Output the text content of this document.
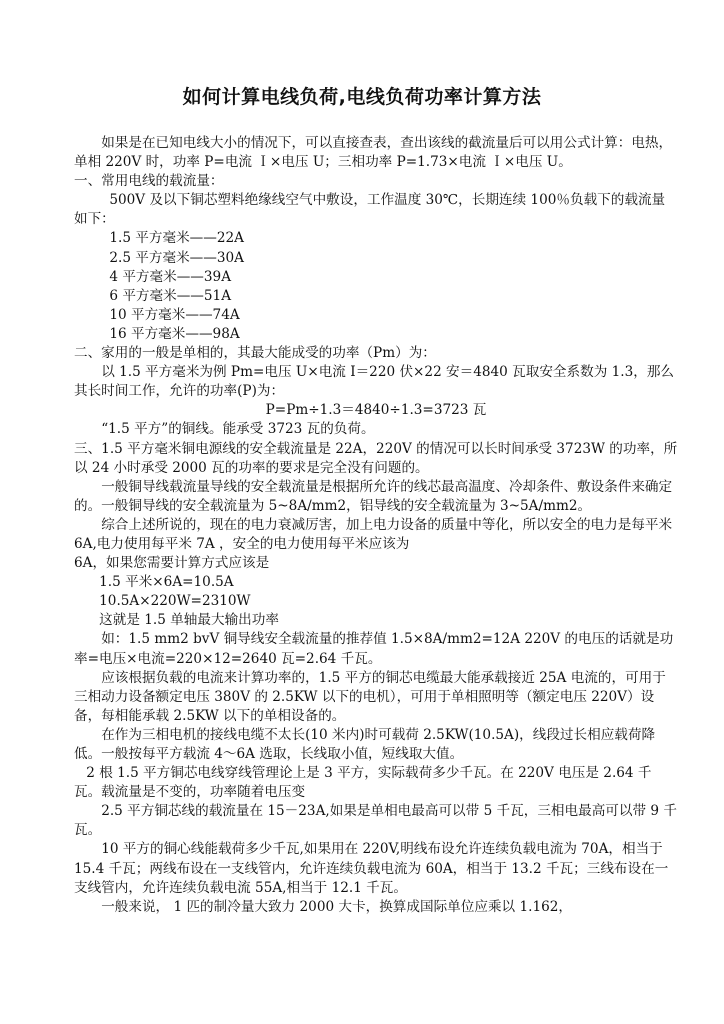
如何计算电线负荷,电线负荷功率计算方法

如果是在已知电线大小的情况下，可以直接查表，查出该线的截流量后可以用公式计算：电热，单相 220V 时，功率 P=电流 Ｉ×电压 U；三相功率 P=1.73×电流 Ｉ×电压 U。

一、常用电线的载流量：

500V 及以下铜芯塑料绝缘线空气中敷设，工作温度 30℃，长期连续 100％负载下的载流量如下：

1.5 平方毫米——22A

2.5 平方毫米——30A

4 平方毫米——39A

6 平方毫米——51A

10 平方毫米——74A

16 平方毫米——98A

二、家用的一般是单相的，其最大能成受的功率（Pm）为：

以 1.5 平方毫米为例 Pm=电压 U×电流 I＝220 伏×22 安＝4840 瓦取安全系数为 1.3，那么其长时间工作，允许的功率(P)为：

P=Pm÷1.3＝4840÷1.3=3723 瓦

“1.5 平方”的铜线。能承受 3723 瓦的负荷。

三、1.5 平方毫米铜电源线的安全载流量是 22A，220V 的情况可以长时间承受 3723W 的功率，所以 24 小时承受 2000 瓦的功率的要求是完全没有问题的。

一般铜导线载流量导线的安全载流量是根据所允许的线芯最高温度、冷却条件、敷设条件来确定的。一般铜导线的安全载流量为 5~8A/mm2，铝导线的安全载流量为 3~5A/mm2。

综合上述所说的，现在的电力衰减厉害，加上电力设备的质量中等化，所以安全的电力是每平米 6A,电力使用每平米 7A ，安全的电力使用每平米应该为

6A，如果您需要计算方式应该是

1.5 平米×6A=10.5A

10.5A×220W=2310W

这就是 1.5 单轴最大输出功率

如：1.5 mm2 bvV 铜导线安全载流量的推荐值 1.5×8A/mm2=12A 220V 的电压的话就是功率=电压×电流=220×12=2640 瓦=2.64 千瓦。

应该根据负载的电流来计算功率的，1.5 平方的铜芯电缆最大能承载接近 25A 电流的，可用于三相动力设备额定电压 380V 的 2.5KW 以下的电机），可用于单相照明等（额定电压 220V）设备，每相能承载 2.5KW 以下的单相设备的。

在作为三相电机的接线电缆不太长(10 米内)时可载荷 2.5KW(10.5A)，线段过长相应载荷降低。一般按每平方载流 4～6A 选取，长线取小值，短线取大值。

2 根 1.5 平方铜芯电线穿线管理论上是 3 平方，实际载荷多少千瓦。在 220V 电压是 2.64 千瓦。载流量是不变的，功率随着电压变

2.5 平方铜芯线的载流量在 15－23A,如果是单相电最高可以带 5 千瓦，三相电最高可以带 9 千瓦。

10 平方的铜心线能载荷多少千瓦,如果用在 220V,明线布设允许连续负载电流为 70A，相当于 15.4 千瓦；两线布设在一支线管内，允许连续负载电流为 60A，相当于 13.2 千瓦；三线布设在一支线管内，允许连续负载电流 55A,相当于 12.1 千瓦。

一般来说， 1 匹的制冷量大致力 2000 大卡，换算成国际单位应乘以 1.162，
